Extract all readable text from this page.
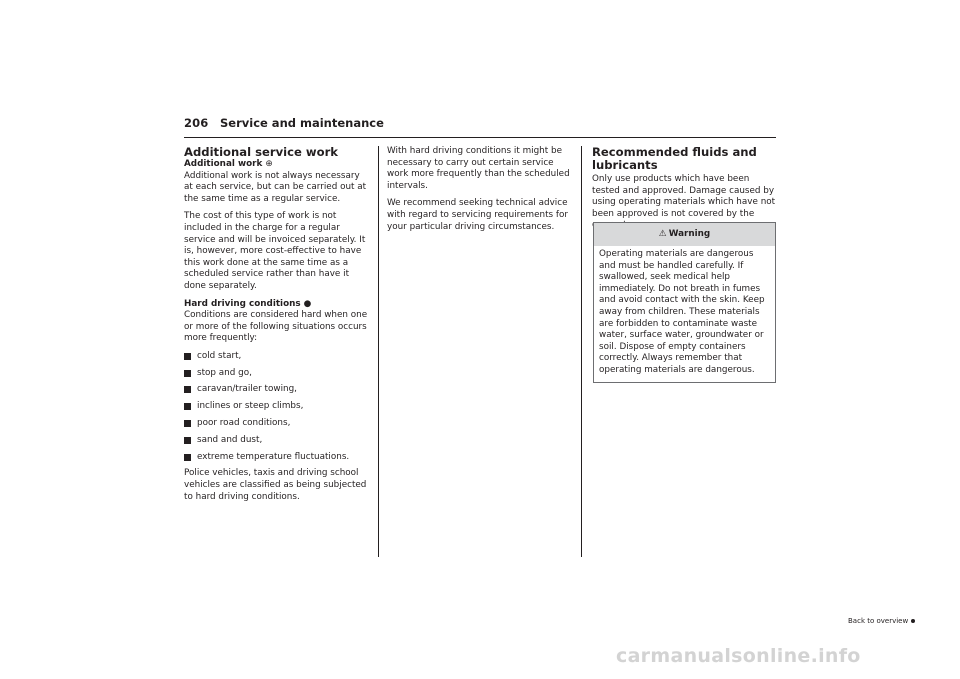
206 Service and maintenance
Additional service work
Additional work ⊕

Additional work is not always necessary at each service, but can be carried out at the same time as a regular service.

The cost of this type of work is not included in the charge for a regular service and will be invoiced separately. It is, however, more cost-effective to have this work done at the same time as a scheduled service rather than have it done separately.

Hard driving conditions ●

Conditions are considered hard when one or more of the following situations occurs more frequently:

cold start,
stop and go,
caravan/trailer towing,
inclines or steep climbs,
poor road conditions,
sand and dust,
extreme temperature fluctuations.

Police vehicles, taxis and driving school vehicles are classified as being subjected to hard driving conditions.

With hard driving conditions it might be necessary to carry out certain service work more frequently than the scheduled intervals.

We recommend seeking technical advice with regard to servicing requirements for your particular driving circumstances.

Recommended fluids and lubricants

Only use products which have been tested and approved. Damage caused by using operating materials which have not been approved is not covered by the

⚠ Warning
Operating materials are dangerous and must be handled carefully. If swallowed, seek medical help immediately. Do not breath in fumes and avoid contact with the skin. Keep away from children. These materials are forbidden to contaminate waste water, surface water, groundwater or soil. Dispose of empty containers correctly. Always remember that operating materials are dangerous.
Back to overview
carmanualsonline.info
